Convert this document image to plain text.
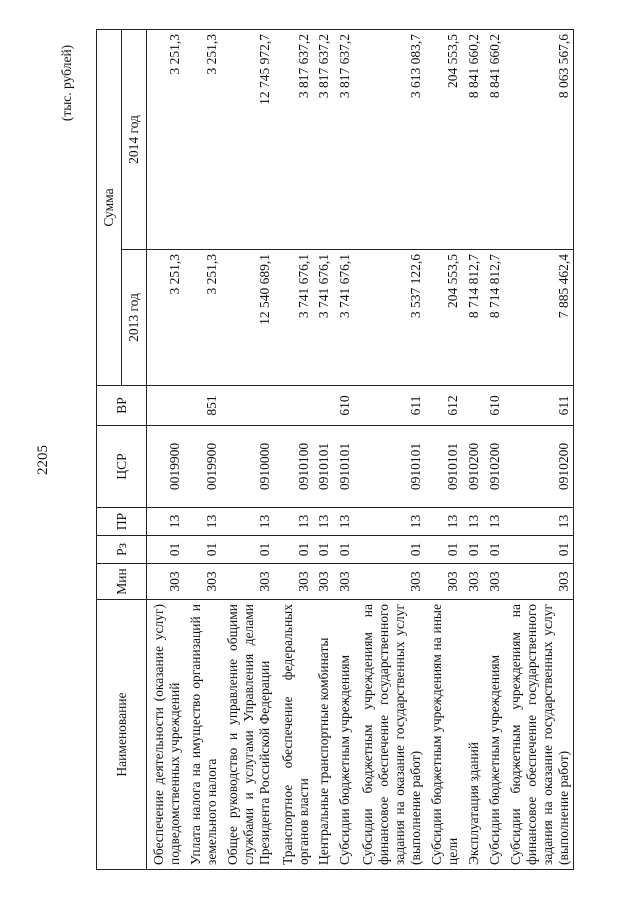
2205
(тыс. рублей)
Наименование	Мин	Рз	ПР	ЦСР	ВР	Сумма	
						2013 год	2014 год
Обеспечение деятельности (оказание услуг) подведомственных учреждений	303	01	13	0019900		3 251,3	3 251,3
Уплата налога на имущество организаций и земельного налога	303	01	13	0019900	851	3 251,3	3 251,3
Общее руководство и управление общими службами и услугами Управления делами Президента Российской Федерации	303	01	13	0910000		12 540 689,1	12 745 972,7
Транспортное обеспечение федеральных органов власти	303	01	13	0910100		3 741 676,1	3 817 637,2
Центральные транспортные комбинаты	303	01	13	0910101		3 741 676,1	3 817 637,2
Субсидии бюджетным учреждениям	303	01	13	0910101	610	3 741 676,1	3 817 637,2
Субсидии бюджетным учреждениям на финансовое обеспечение государственного задания на оказание государственных услуг (выполнение работ)	303	01	13	0910101	611	3 537 122,6	3 613 083,7
Субсидии бюджетным учреждениям на иные цели	303	01	13	0910101	612	204 553,5	204 553,5
Эксплуатация зданий	303	01	13	0910200		8 714 812,7	8 841 660,2
Субсидии бюджетным учреждениям	303	01	13	0910200	610	8 714 812,7	8 841 660,2
Субсидии бюджетным учреждениям на финансовое обеспечение государственного задания на оказание государственных услуг (выполнение работ)	303	01	13	0910200	611	7 885 462,4	8 063 567,6
